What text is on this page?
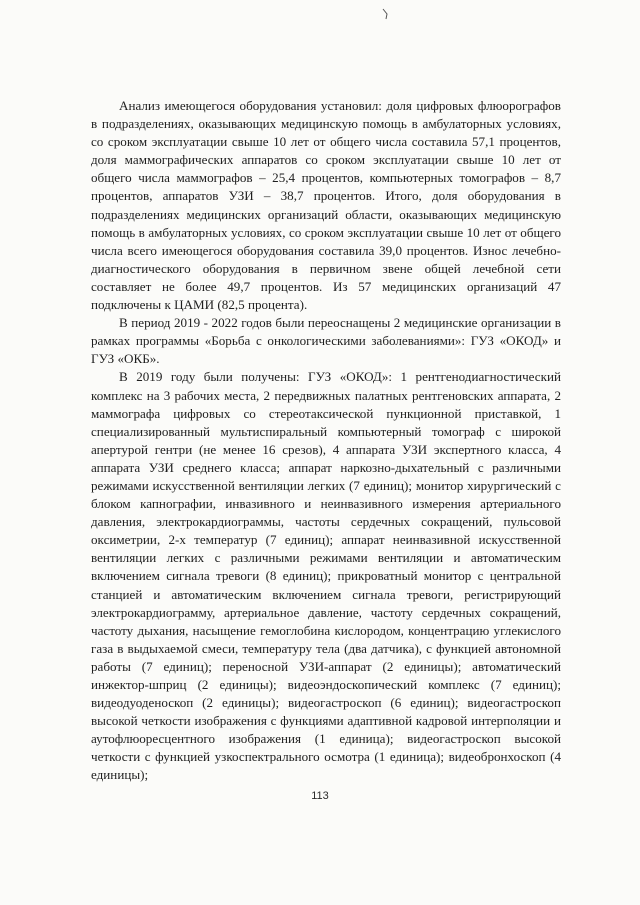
Анализ имеющегося оборудования установил: доля цифровых флюорографов в подразделениях, оказывающих медицинскую помощь в амбулаторных условиях, со сроком эксплуатации свыше 10 лет от общего числа составила 57,1 процентов, доля маммографических аппаратов со сроком эксплуатации свыше 10 лет от общего числа маммографов – 25,4 процентов, компьютерных томографов – 8,7 процентов, аппаратов УЗИ – 38,7 процентов. Итого, доля оборудования в подразделениях медицинских организаций области, оказывающих медицинскую помощь в амбулаторных условиях, со сроком эксплуатации свыше 10 лет от общего числа всего имеющегося оборудования составила 39,0 процентов. Износ лечебно-диагностического оборудования в первичном звене общей лечебной сети составляет не более 49,7 процентов. Из 57 медицинских организаций 47 подключены к ЦАМИ (82,5 процента).

В период 2019 - 2022 годов были переоснащены 2 медицинские организации в рамках программы «Борьба с онкологическими заболеваниями»: ГУЗ «ОКОД» и ГУЗ «ОКБ».

В 2019 году были получены: ГУЗ «ОКОД»: 1 рентгенодиагностический комплекс на 3 рабочих места, 2 передвижных палатных рентгеновских аппарата, 2 маммографа цифровых со стереотаксической пункционной приставкой, 1 специализированный мультиспиральный компьютерный томограф с широкой апертурой гентри (не менее 16 срезов), 4 аппарата УЗИ экспертного класса, 4 аппарата УЗИ среднего класса; аппарат наркозно-дыхательный с различными режимами искусственной вентиляции легких (7 единиц); монитор хирургический с блоком капнографии, инвазивного и неинвазивного измерения артериального давления, электрокардиограммы, частоты сердечных сокращений, пульсовой оксиметрии, 2-х температур (7 единиц); аппарат неинвазивной искусственной вентиляции легких с различными режимами вентиляции и автоматическим включением сигнала тревоги (8 единиц); прикроватный монитор с центральной станцией и автоматическим включением сигнала тревоги, регистрирующий электрокардиограмму, артериальное давление, частоту сердечных сокращений, частоту дыхания, насыщение гемоглобина кислородом, концентрацию углекислого газа в выдыхаемой смеси, температуру тела (два датчика), с функцией автономной работы (7 единиц); переносной УЗИ-аппарат (2 единицы); автоматический инжектор-шприц (2 единицы); видеоэндоскопический комплекс (7 единиц); видеодуоденоскоп (2 единицы); видеогастроскоп (6 единиц); видеогастроскоп высокой четкости изображения с функциями адаптивной кадровой интерполяции и аутофлюоресцентного изображения (1 единица); видеогастроскоп высокой четкости с функцией узкоспектрального осмотра (1 единица); видеобронхоскоп (4 единицы);

113
